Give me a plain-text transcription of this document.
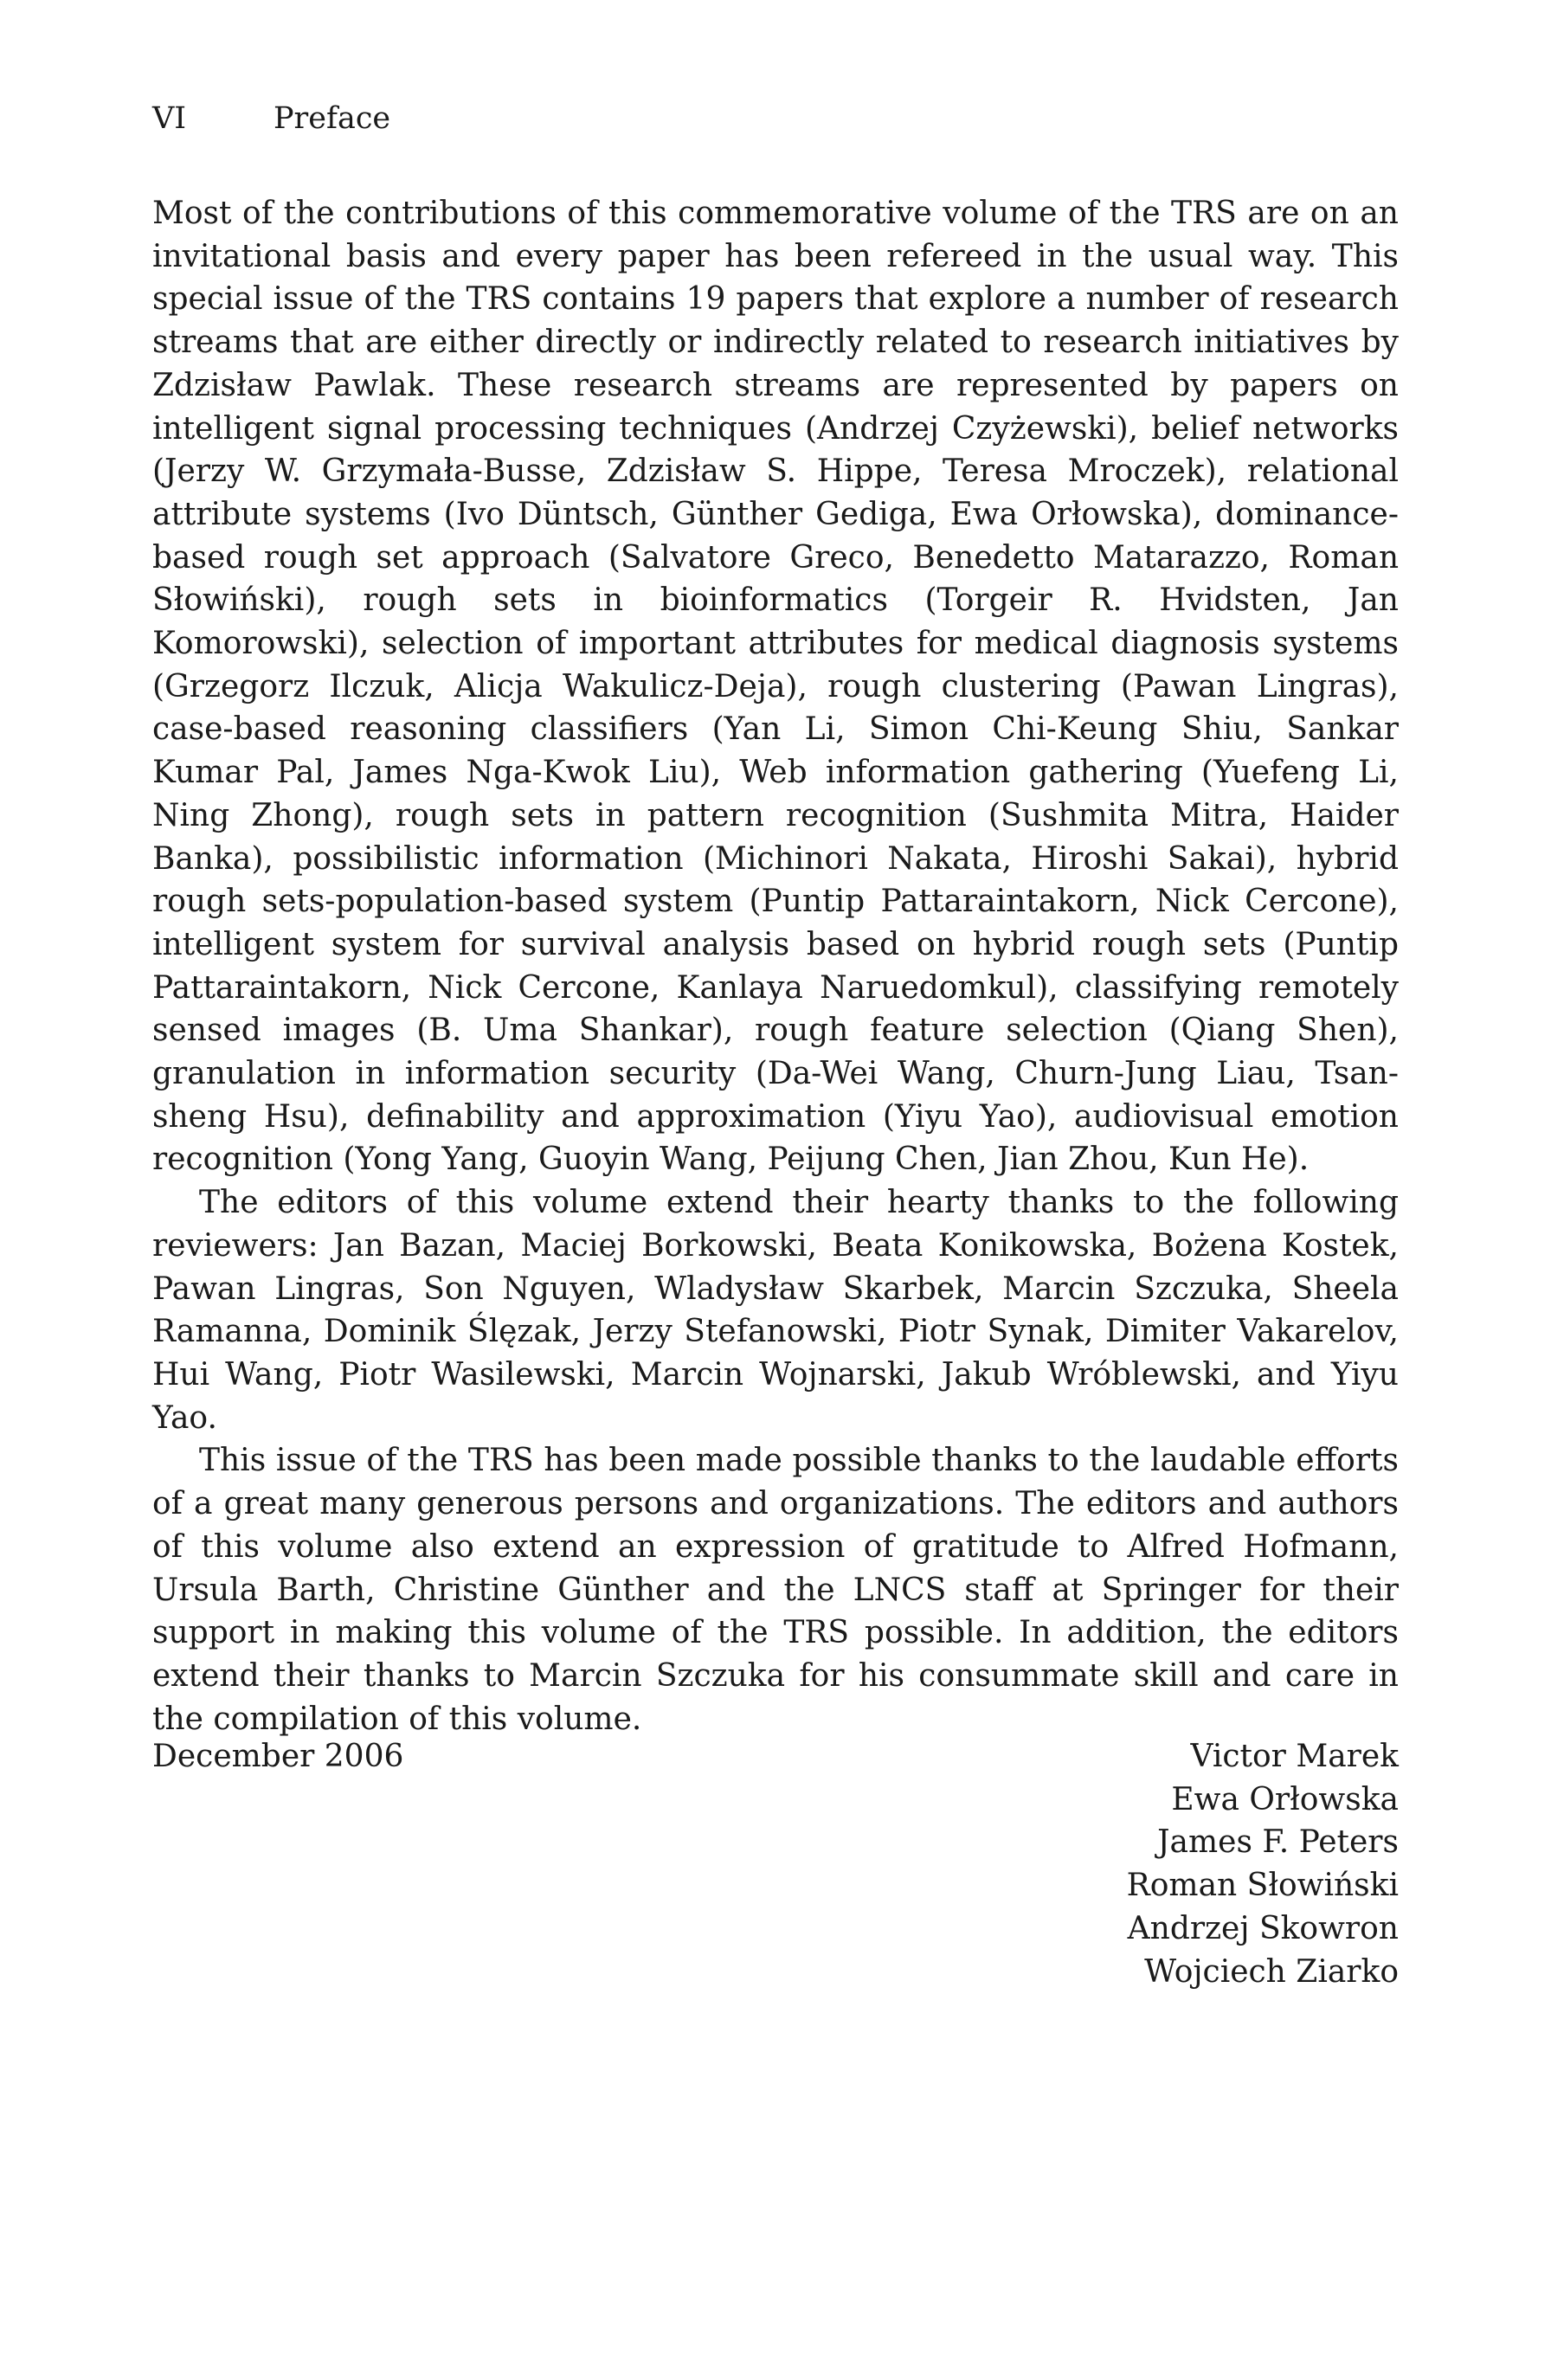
VI	Preface

Most of the contributions of this commemorative volume of the TRS are on an invitational basis and every paper has been refereed in the usual way. This special issue of the TRS contains 19 papers that explore a number of research streams that are either directly or indirectly related to research initiatives by Zdzisław Pawlak. These research streams are represented by papers on intelligent signal processing techniques (Andrzej Czyżewski), belief networks (Jerzy W. Grzymała-Busse, Zdzisław S. Hippe, Teresa Mroczek), relational attribute systems (Ivo Düntsch, Günther Gediga, Ewa Orłowska), dominance-based rough set approach (Salvatore Greco, Benedetto Matarazzo, Roman Słowiński), rough sets in bioinformatics (Torgeir R. Hvidsten, Jan Komorowski), selection of important attributes for medical diagnosis systems (Grzegorz Ilczuk, Alicja Wakulicz-Deja), rough clustering (Pawan Lingras), case-based reasoning classifiers (Yan Li, Simon Chi-Keung Shiu, Sankar Kumar Pal, James Nga-Kwok Liu), Web information gathering (Yuefeng Li, Ning Zhong), rough sets in pattern recognition (Sushmita Mitra, Haider Banka), possibilistic information (Michinori Nakata, Hiroshi Sakai), hybrid rough sets-population-based system (Puntip Pattaraintakorn, Nick Cercone), intelligent system for survival analysis based on hybrid rough sets (Puntip Pattaraintakorn, Nick Cercone, Kanlaya Naruedomkul), classifying remotely sensed images (B. Uma Shankar), rough feature selection (Qiang Shen), granulation in information security (Da-Wei Wang, Churn-Jung Liau, Tsan-sheng Hsu), definability and approximation (Yiyu Yao), audiovisual emotion recognition (Yong Yang, Guoyin Wang, Peijung Chen, Jian Zhou, Kun He).

The editors of this volume extend their hearty thanks to the following reviewers: Jan Bazan, Maciej Borkowski, Beata Konikowska, Bożena Kostek, Pawan Lingras, Son Nguyen, Wladysław Skarbek, Marcin Szczuka, Sheela Ramanna, Dominik Ślęzak, Jerzy Stefanowski, Piotr Synak, Dimiter Vakarelov, Hui Wang, Piotr Wasilewski, Marcin Wojnarski, Jakub Wróblewski, and Yiyu Yao.

This issue of the TRS has been made possible thanks to the laudable efforts of a great many generous persons and organizations. The editors and authors of this volume also extend an expression of gratitude to Alfred Hofmann, Ursula Barth, Christine Günther and the LNCS staff at Springer for their support in making this volume of the TRS possible. In addition, the editors extend their thanks to Marcin Szczuka for his consummate skill and care in the compilation of this volume.

December 2006	Victor Marek
Ewa Orłowska
James F. Peters
Roman Słowiński
Andrzej Skowron
Wojciech Ziarko
